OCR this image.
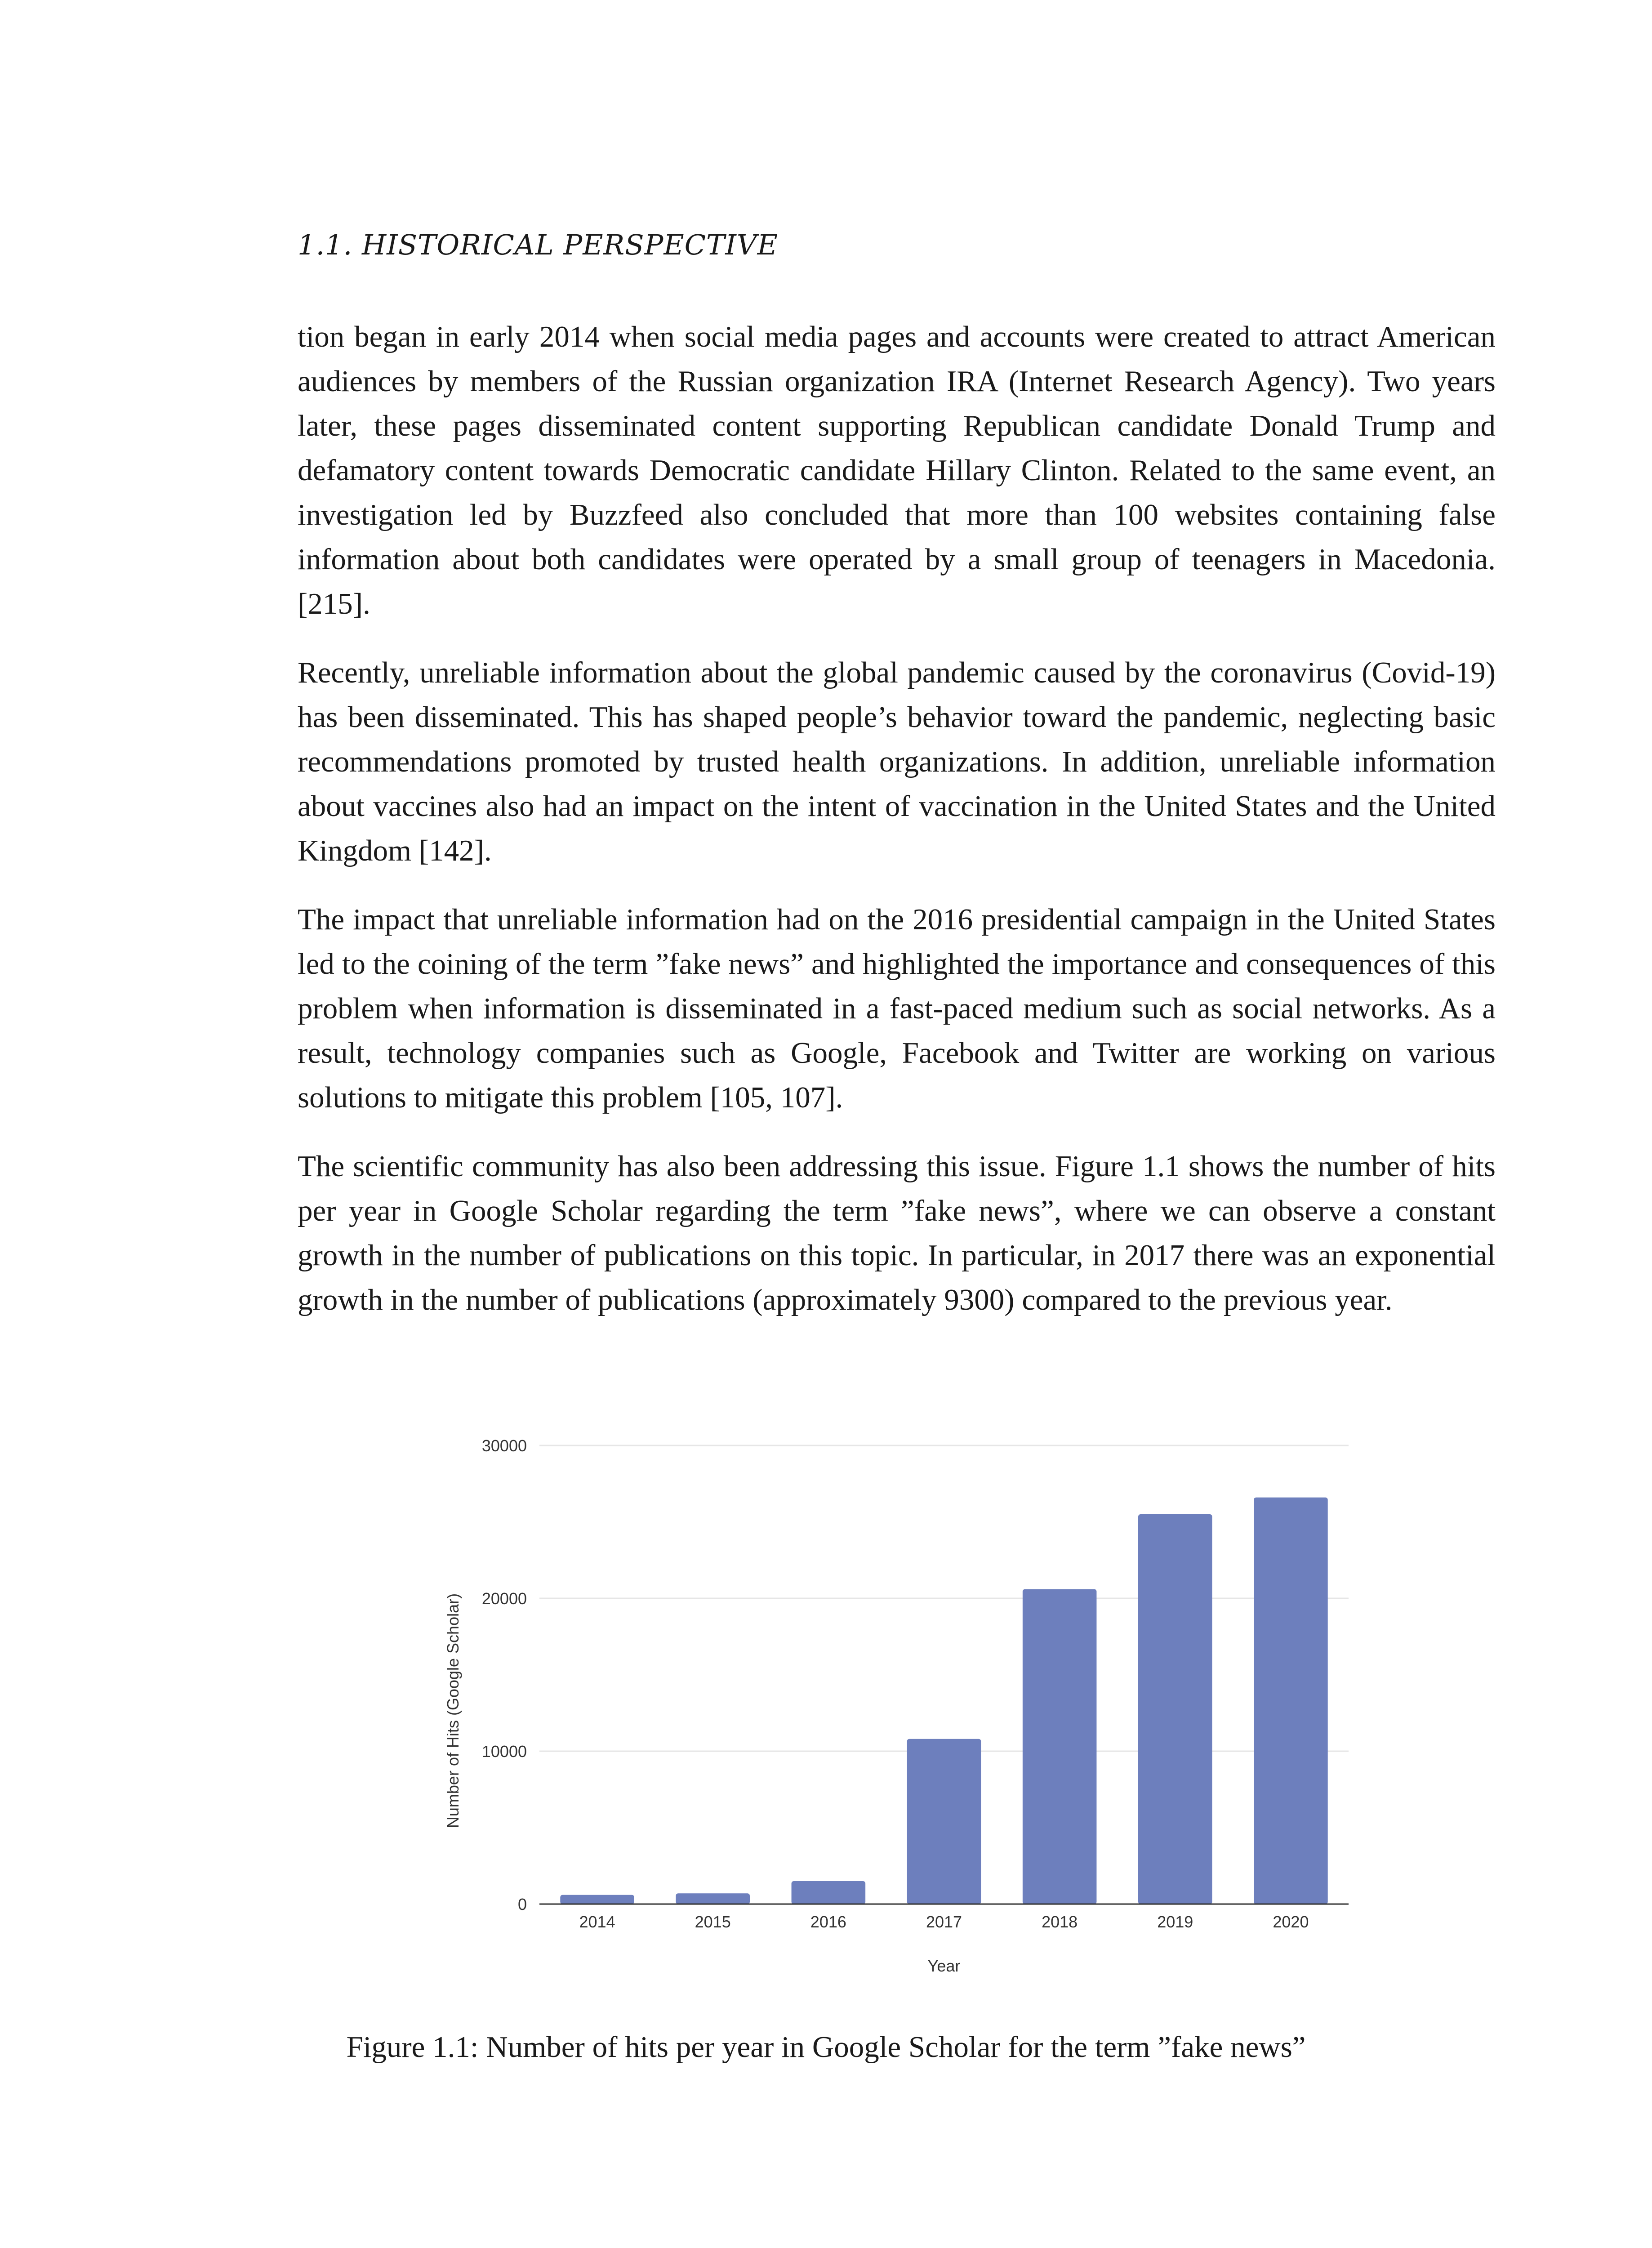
1.1. HISTORICAL PERSPECTIVE

tion began in early 2014 when social media pages and accounts were created to attract American audiences by members of the Russian organization IRA (Internet Research Agency). Two years later, these pages disseminated content supporting Republican candidate Donald Trump and defamatory content towards Democratic candidate Hillary Clinton. Related to the same event, an investigation led by Buzzfeed also concluded that more than 100 websites containing false information about both candidates were operated by a small group of teenagers in Macedonia. [215].

Recently, unreliable information about the global pandemic caused by the coronavirus (Covid-19) has been disseminated. This has shaped people’s behavior toward the pandemic, neglecting basic recommendations promoted by trusted health organizations. In addition, unreliable information about vaccines also had an impact on the intent of vaccination in the United States and the United Kingdom [142].

The impact that unreliable information had on the 2016 presidential campaign in the United States led to the coining of the term ”fake news” and highlighted the importance and consequences of this problem when information is disseminated in a fast-paced medium such as social networks. As a result, technology companies such as Google, Facebook and Twitter are working on various solutions to mitigate this problem [105, 107].

The scientific community has also been addressing this issue. Figure 1.1 shows the number of hits per year in Google Scholar regarding the term ”fake news”, where we can observe a constant growth in the number of publications on this topic. In particular, in 2017 there was an exponential growth in the number of publications (approximately 9300) compared to the previous year.

0
10000
20000
30000
2014	2015	2016	2017	2018	2019	2020
Year
Number of Hits (Google Scholar)
Figure 1.1: Number of hits per year in Google Scholar for the term ”fake news”
